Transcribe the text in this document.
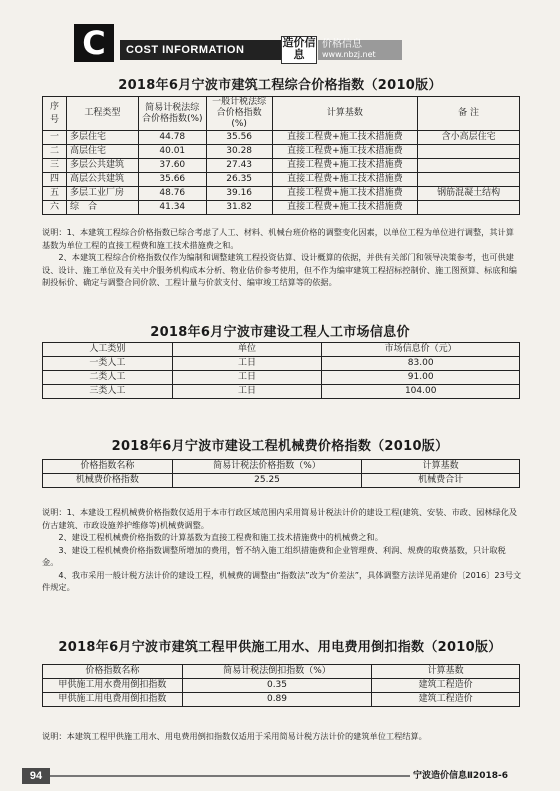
C	COST INFORMATION
造价信息
价格信息
www.nbzj.net
2018年6月宁波市建筑工程综合价格指数（2010版）
序号	工程类型	简易计税法综合价格指数(%)	一般计税法综合价格指数(%)	计算基数	备 注
一	多层住宅	44.78	35.56	直接工程费+施工技术措施费	含小高层住宅
二	高层住宅	40.01	30.28	直接工程费+施工技术措施费	
三	多层公共建筑	37.60	27.43	直接工程费+施工技术措施费	
四	高层公共建筑	35.66	26.35	直接工程费+施工技术措施费	
五	多层工业厂房	48.76	39.16	直接工程费+施工技术措施费	钢筋混凝土结构
六	综　合	41.34	31.82	直接工程费+施工技术措施费	

说明：1、本建筑工程综合价格指数已综合考虑了人工、材料、机械台班价格的调整变化因素，以单位工程为单位进行调整，其计算基数为单位工程的直接工程费和施工技术措施费之和。

2、本建筑工程综合价格指数仅作为编制和调整建筑工程投资估算、设计概算的依据，并供有关部门和领导决策参考，也可供建设、设计、施工单位及有关中介服务机构成本分析、物业估价参考使用，但不作为编审建筑工程招标控制价、施工图预算、标底和编制投标价、确定与调整合同价款、工程计量与价款支付、编审竣工结算等的依据。

2018年6月宁波市建设工程人工市场信息价
人工类别	单位	市场信息价（元）
一类人工	工日	83.00
二类人工	工日	91.00
三类人工	工日	104.00
2018年6月宁波市建设工程机械费价格指数（2010版）
价格指数名称	简易计税法价格指数（%）	计算基数
机械费价格指数	25.25	机械费合计

说明：1、本建设工程机械费价格指数仅适用于本市行政区域范围内采用简易计税法计价的建设工程(建筑、安装、市政、园林绿化及仿古建筑、市政设施养护维修等)机械费调整。

2、建设工程机械费价格指数的计算基数为直接工程费和施工技术措施费中的机械费之和。

3、建设工程机械费价格指数调整所增加的费用，暂不纳入施工组织措施费和企业管理费、利润、规费的取费基数，只计取税金。

4、我市采用一般计税方法计价的建设工程，机械费的调整由“指数法”改为“价差法”，具体调整方法详见甬建价〔2016〕23号文件规定。

2018年6月宁波市建筑工程甲供施工用水、用电费用倒扣指数（2010版）
价格指数名称	简易计税法倒扣指数（%）	计算基数
甲供施工用水费用倒扣指数	0.35	建筑工程造价
甲供施工用电费用倒扣指数	0.89	建筑工程造价

说明：本建筑工程甲供施工用水、用电费用倒扣指数仅适用于采用简易计税方法计价的建筑单位工程结算。

94	宁波造价信息Ⅱ2018-6
